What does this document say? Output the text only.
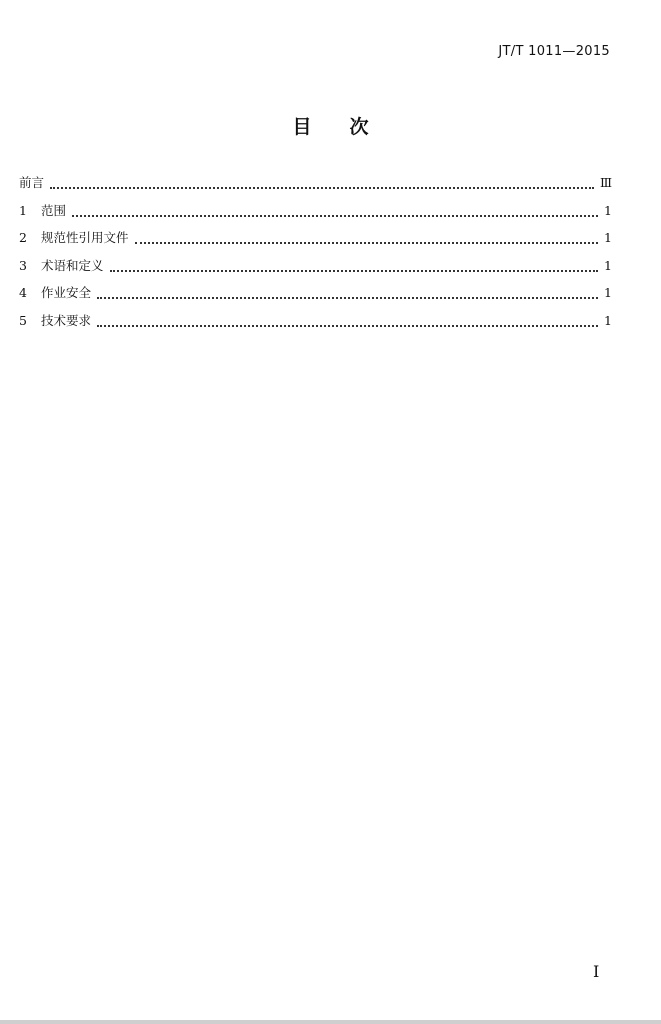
JT/T 1011—2015
目次
前言	Ⅲ
1	范围	1
2	规范性引用文件	1
3	术语和定义	1
4	作业安全	1
5	技术要求	1
Ⅰ
